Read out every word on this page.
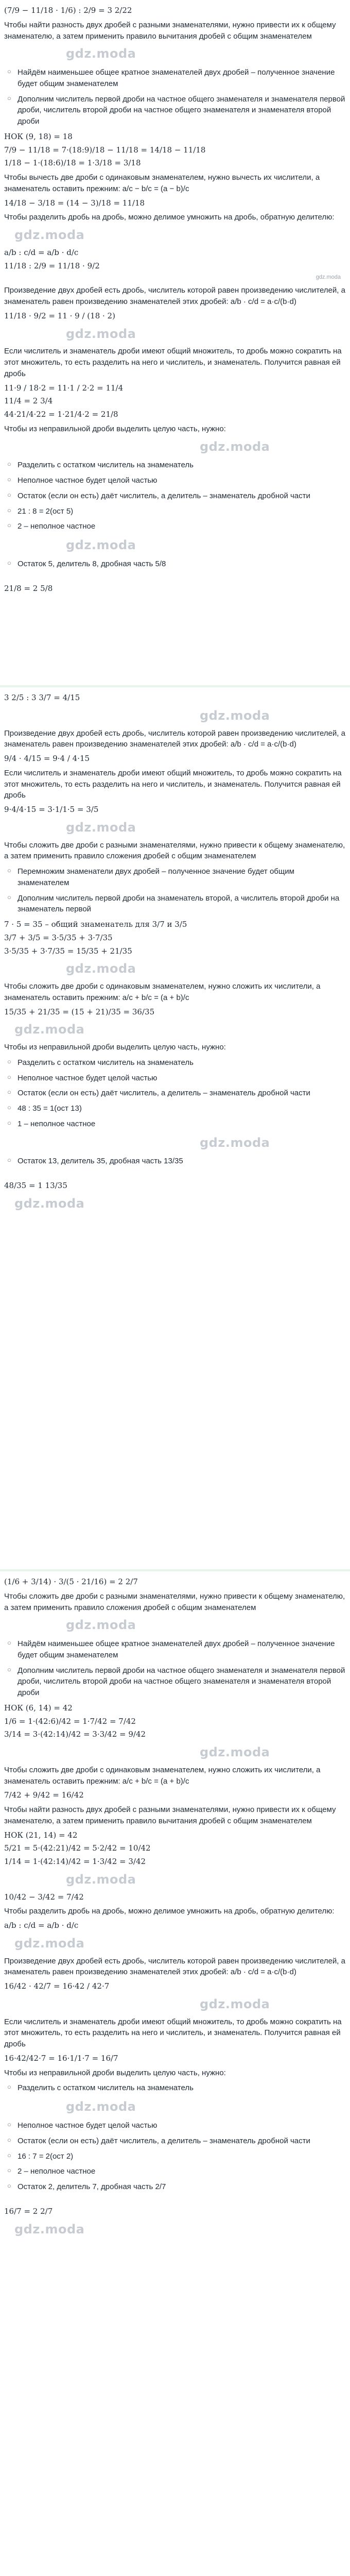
(7/9 − 11/18 · 1/6) : 2/9 = 3 2/22
Чтобы найти разность двух дробей с разными знаменателями, нужно привести их к общему знаменателю, а затем применить правило вычитания дробей с общим знаменателем
gdz.moda
○ Найдём наименьшее общее кратное знаменателей двух дробей – полученное значение будет общим знаменателем
○ Дополним числитель первой дроби на частное общего знаменателя и знаменателя первой дроби, числитель второй дроби на частное общего знаменателя и знаменателя второй дроби
НОК (9, 18) = 18
7/9 − 11/18 = 7·(18:9)/18 − 11/18 = 14/18 − 11/18
1/18 − 1·(18:6)/18 = 1·3/18 = 3/18
Чтобы вычесть две дроби с одинаковым знаменателем, нужно вычесть их числители, а знаменатель оставить прежним: a/c − b/c = (a − b)/c
14/18 − 3/18 = (14 − 3)/18 = 11/18
Чтобы разделить дробь на дробь, можно делимое умножить на дробь, обратную делителю:
gdz.moda
a/b : c/d = a/b · d/c
11/18 : 2/9 = 11/18 · 9/2
gdz.moda
Произведение двух дробей есть дробь, числитель которой равен произведению числителей, а знаменатель равен произведению знаменателей этих дробей: a/b · c/d = a·c/(b·d)
11/18 · 9/2 = 11 · 9 / (18 · 2)
gdz.moda
Если числитель и знаменатель дроби имеют общий множитель, то дробь можно сократить на этот множитель, то есть разделить на него и числитель, и знаменатель. Получится равная ей дробь
11·9 / 18·2 = 11·1 / 2·2 = 11/4
11/4 = 2 3/4
44·21/4·22 = 1·21/4·2 = 21/8
Чтобы из неправильной дроби выделить целую часть, нужно:
gdz.moda
○ Разделить с остатком числитель на знаменатель
○ Неполное частное будет целой частью
○ Остаток (если он есть) даёт числитель, а делитель – знаменатель дробной части
○ 21 : 8 = 2(ост 5)
○ 2 – неполное частное
gdz.moda
○ Остаток 5, делитель 8, дробная часть 5/8
21/8 = 2 5/8
3 2/5 : 3 3/7 = 4/15
gdz.moda
Произведение двух дробей есть дробь, числитель которой равен произведению числителей, а знаменатель равен произведению знаменателей этих дробей: a/b · c/d = a·c/(b·d)
9/4 · 4/15 = 9·4 / 4·15
Если числитель и знаменатель дроби имеют общий множитель, то дробь можно сократить на этот множитель, то есть разделить на него и числитель, и знаменатель. Получится равная ей дробь
9·4/4·15 = 3·1/1·5 = 3/5
gdz.moda
Чтобы сложить две дроби с разными знаменателями, нужно привести к общему знаменателю, а затем применить правило сложения дробей с общим знаменателем
○ Перемножим знаменатели двух дробей – полученное значение будет общим знаменателем
○ Дополним числитель первой дроби на знаменатель второй, а числитель второй дроби на знаменатель первой
7 · 5 = 35 – общий знаменатель для 3/7 и 3/5
3/7 + 3/5 = 3·5/35 + 3·7/35
3·5/35 + 3·7/35 = 15/35 + 21/35
gdz.moda
Чтобы сложить две дроби с одинаковым знаменателем, нужно сложить их числители, а знаменатель оставить прежним: a/c + b/c = (a + b)/c
15/35 + 21/35 = (15 + 21)/35 = 36/35
gdz.moda
Чтобы из неправильной дроби выделить целую часть, нужно:
○ Разделить с остатком числитель на знаменатель
○ Неполное частное будет целой частью
○ Остаток (если он есть) даёт числитель, а делитель – знаменатель дробной части
○ 48 : 35 = 1(ост 13)
○ 1 – неполное частное
gdz.moda
○ Остаток 13, делитель 35, дробная часть 13/35
48/35 = 1 13/35
gdz.moda
(1/6 + 3/14) · 3/(5 · 21/16) = 2 2/7
Чтобы сложить две дроби с разными знаменателями, нужно привести к общему знаменателю, а затем применить правило сложения дробей с общим знаменателем
gdz.moda
○ Найдём наименьшее общее кратное знаменателей двух дробей – полученное значение будет общим знаменателем
○ Дополним числитель первой дроби на частное общего знаменателя и знаменателя первой дроби, числитель второй дроби на частное общего знаменателя и знаменателя второй дроби
НОК (6, 14) = 42
1/6 = 1·(42:6)/42 = 1·7/42 = 7/42
3/14 = 3·(42:14)/42 = 3·3/42 = 9/42
gdz.moda
Чтобы сложить две дроби с одинаковым знаменателем, нужно сложить их числители, а знаменатель оставить прежним: a/c + b/c = (a + b)/c
7/42 + 9/42 = 16/42
Чтобы найти разность двух дробей с разными знаменателями, нужно привести их к общему знаменателю, а затем применить правило вычитания дробей с общим знаменателем
НОК (21, 14) = 42
5/21 = 5·(42:21)/42 = 5·2/42 = 10/42
1/14 = 1·(42:14)/42 = 1·3/42 = 3/42
gdz.moda
10/42 − 3/42 = 7/42
Чтобы разделить дробь на дробь, можно делимое умножить на дробь, обратную делителю:
a/b : c/d = a/b · d/c
gdz.moda
Произведение двух дробей есть дробь, числитель которой равен произведению числителей, а знаменатель равен произведению знаменателей этих дробей: a/b · c/d = a·c/(b·d)
16/42 · 42/7 = 16·42 / 42·7
gdz.moda
Если числитель и знаменатель дроби имеют общий множитель, то дробь можно сократить на этот множитель, то есть разделить на него и числитель, и знаменатель. Получится равная ей дробь
16·42/42·7 = 16·1/1·7 = 16/7
Чтобы из неправильной дроби выделить целую часть, нужно:
○ Разделить с остатком числитель на знаменатель
gdz.moda
○ Неполное частное будет целой частью
○ Остаток (если он есть) даёт числитель, а делитель – знаменатель дробной части
○ 16 : 7 = 2(ост 2)
○ 2 – неполное частное
○ Остаток 2, делитель 7, дробная часть 2/7
16/7 = 2 2/7
gdz.moda
